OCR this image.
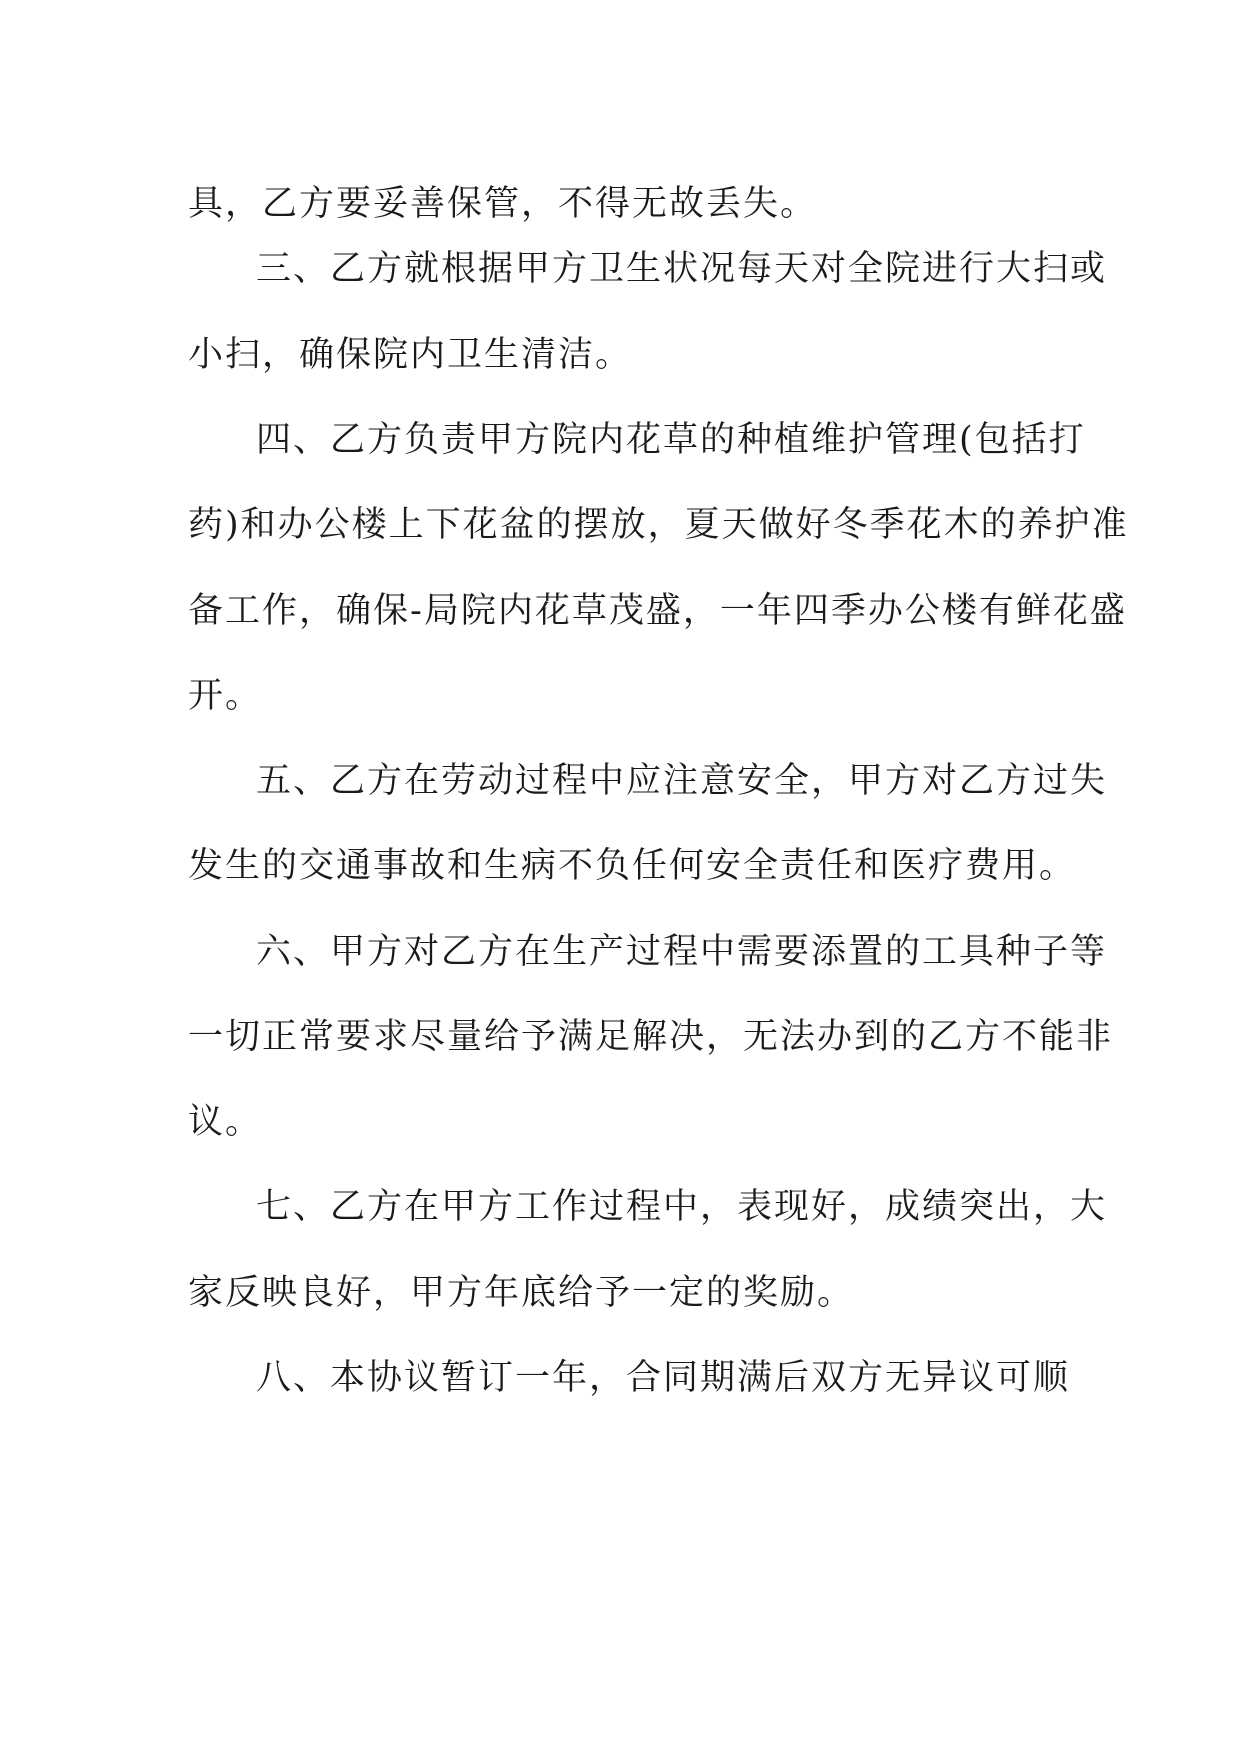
具，乙方要妥善保管，不得无故丢失。
三、乙方就根据甲方卫生状况每天对全院进行大扫或
小扫，确保院内卫生清洁。
四、乙方负责甲方院内花草的种植维护管理(包括打
药)和办公楼上下花盆的摆放，夏天做好冬季花木的养护准
备工作，确保-局院内花草茂盛，一年四季办公楼有鲜花盛
开。
五、乙方在劳动过程中应注意安全，甲方对乙方过失
发生的交通事故和生病不负任何安全责任和医疗费用。
六、甲方对乙方在生产过程中需要添置的工具种子等
一切正常要求尽量给予满足解决，无法办到的乙方不能非
议。
七、乙方在甲方工作过程中，表现好，成绩突出，大
家反映良好，甲方年底给予一定的奖励。
八、本协议暂订一年，合同期满后双方无异议可顺
